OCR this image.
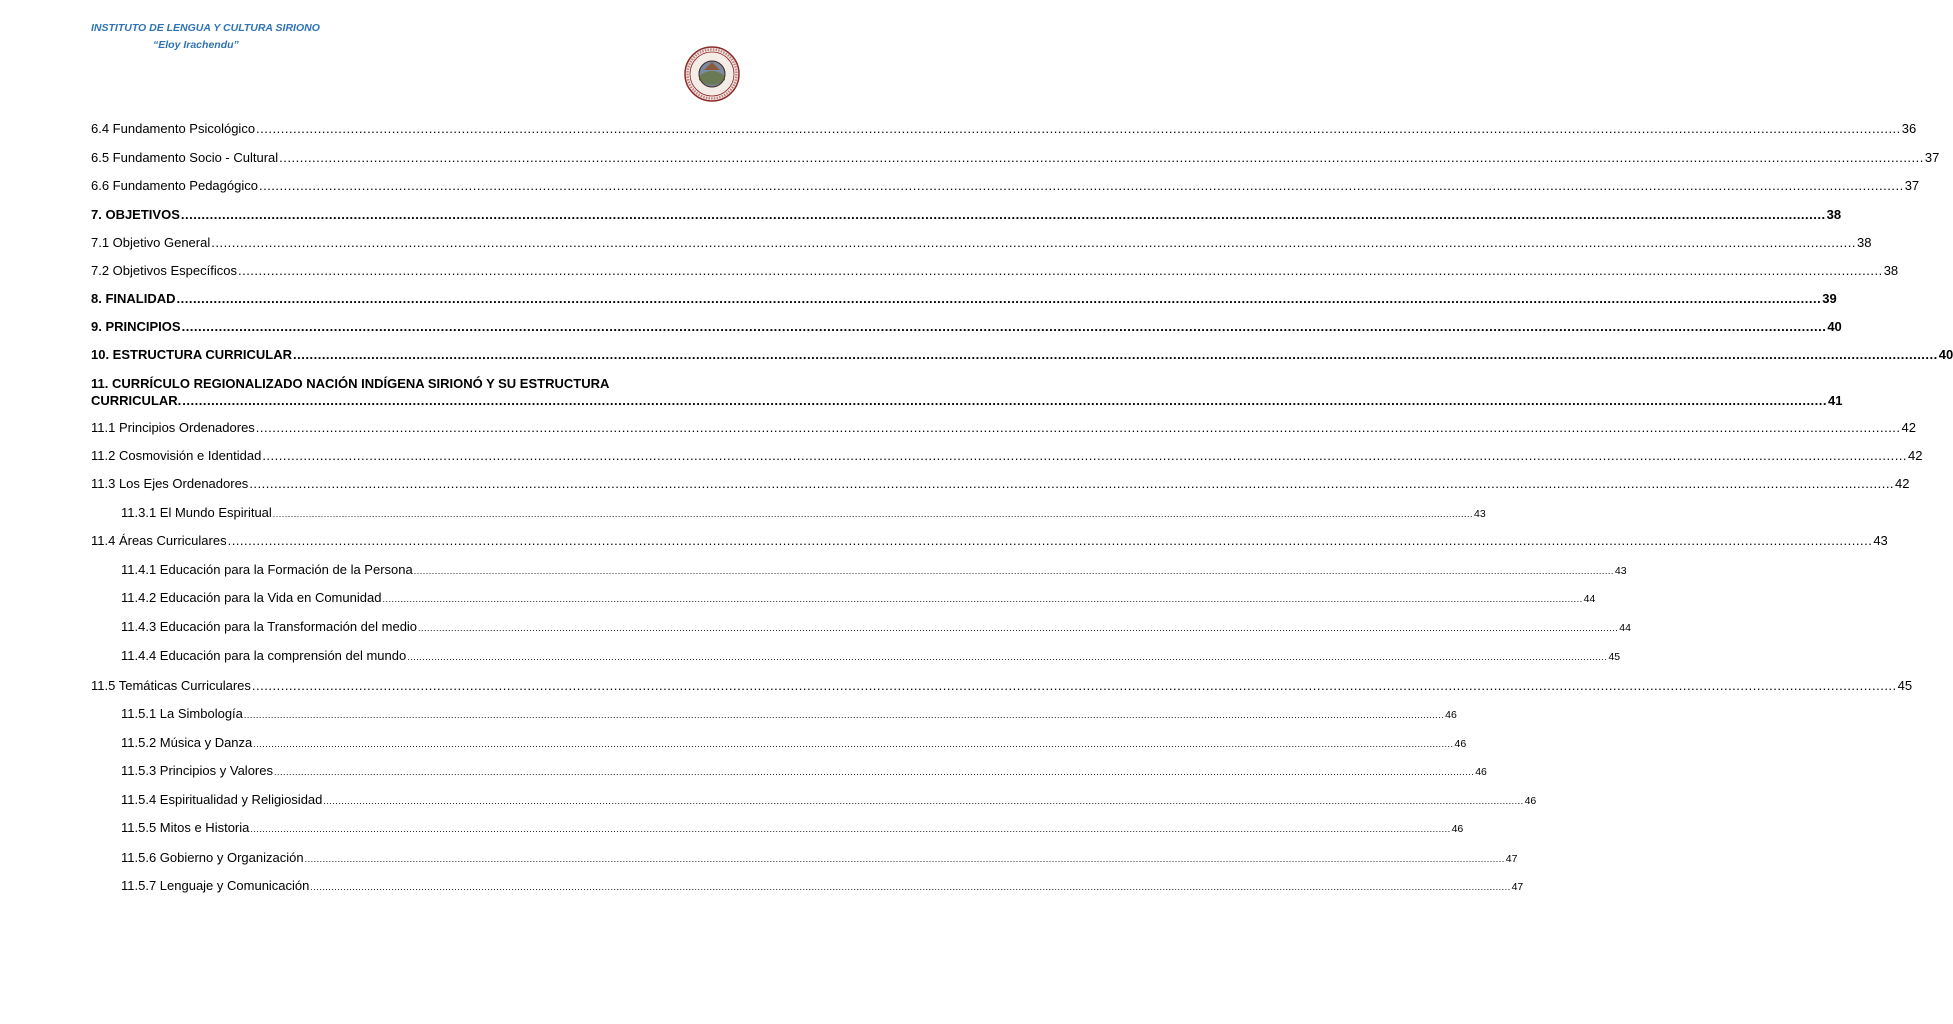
INSTITUTO DE LENGUA Y CULTURA SIRIONO
“Eloy Irachendu”
6.4 Fundamento Psicológico ................................................................................................................................................................................................................................................................................................................................................................................................................ 36
6.5 Fundamento Socio - Cultural ................................................................................................................................................................................................................................................................................................................................................................................................................ 37
6.6 Fundamento Pedagógico ................................................................................................................................................................................................................................................................................................................................................................................................................ 37
7. OBJETIVOS ................................................................................................................................................................................................................................................................................................................................................................................................................ 38
7.1 Objetivo General ................................................................................................................................................................................................................................................................................................................................................................................................................ 38
7.2 Objetivos Específicos ................................................................................................................................................................................................................................................................................................................................................................................................................ 38
8. FINALIDAD ................................................................................................................................................................................................................................................................................................................................................................................................................ 39
9. PRINCIPIOS ................................................................................................................................................................................................................................................................................................................................................................................................................ 40
10. ESTRUCTURA CURRICULAR ................................................................................................................................................................................................................................................................................................................................................................................................................ 40
11. CURRÍCULO REGIONALIZADO NACIÓN INDÍGENA SIRIONÓ Y SU ESTRUCTURA
CURRICULAR. ................................................................................................................................................................................................................................................................................................................................................................................................................ 41
11.1 Principios Ordenadores ................................................................................................................................................................................................................................................................................................................................................................................................................ 42
11.2 Cosmovisión e Identidad ................................................................................................................................................................................................................................................................................................................................................................................................................ 42
11.3 Los Ejes Ordenadores ................................................................................................................................................................................................................................................................................................................................................................................................................ 42
11.3.1 El Mundo Espiritual ................................................................................................................................................................................................................................................................................................................................................................................................................ 43
11.4 Áreas Curriculares ................................................................................................................................................................................................................................................................................................................................................................................................................ 43
11.4.1 Educación para la Formación de la Persona ................................................................................................................................................................................................................................................................................................................................................................................................................ 43
11.4.2 Educación para la Vida en Comunidad ................................................................................................................................................................................................................................................................................................................................................................................................................ 44
11.4.3 Educación para la Transformación del medio ................................................................................................................................................................................................................................................................................................................................................................................................................ 44
11.4.4 Educación para la comprensión del mundo ................................................................................................................................................................................................................................................................................................................................................................................................................ 45
11.5 Temáticas Curriculares ................................................................................................................................................................................................................................................................................................................................................................................................................ 45
11.5.1 La Simbología ................................................................................................................................................................................................................................................................................................................................................................................................................ 46
11.5.2 Música y Danza ................................................................................................................................................................................................................................................................................................................................................................................................................ 46
11.5.3 Principios y Valores ................................................................................................................................................................................................................................................................................................................................................................................................................ 46
11.5.4 Espiritualidad y Religiosidad ................................................................................................................................................................................................................................................................................................................................................................................................................ 46
11.5.5 Mitos e Historia ................................................................................................................................................................................................................................................................................................................................................................................................................ 46
11.5.6 Gobierno y Organización ................................................................................................................................................................................................................................................................................................................................................................................................................ 47
11.5.7 Lenguaje y Comunicación ................................................................................................................................................................................................................................................................................................................................................................................................................ 47
